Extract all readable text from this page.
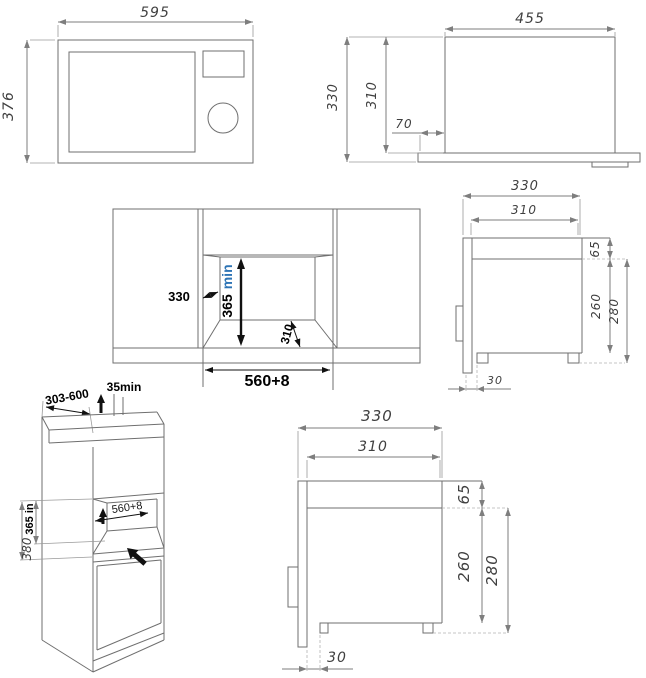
595
376
455
330 310
70
330 365min
310
560+8
330
310
65
260 280
30
303-600 35min
560+8
365 in
380
330
310
65
260 280
30
